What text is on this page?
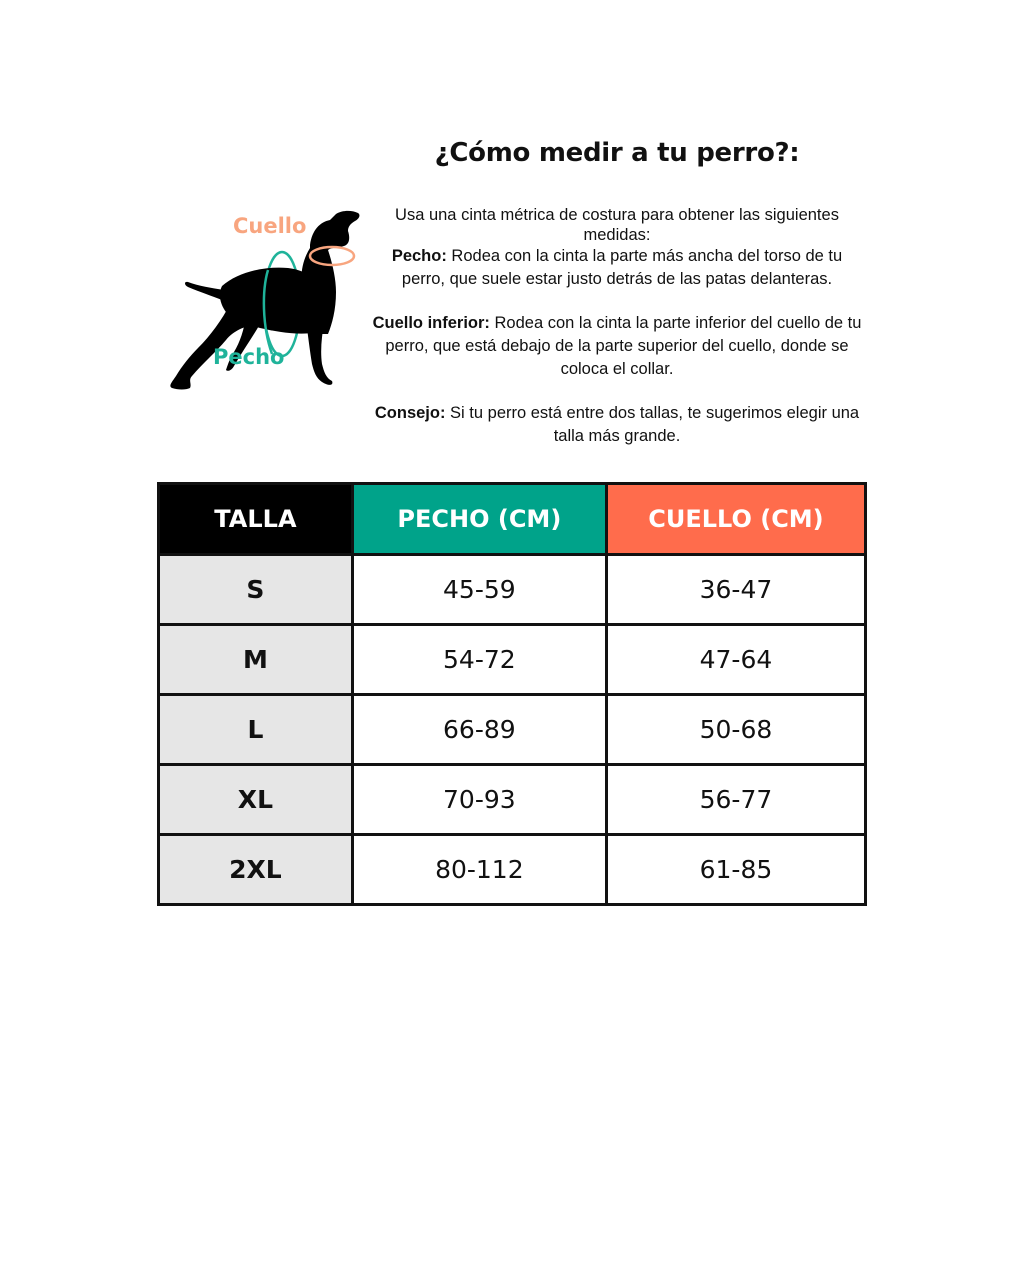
¿Cómo medir a tu perro?:
Cuello
Pecho

Usa una cinta métrica de costura para obtener las siguientes medidas:

Pecho: Rodea con la cinta la parte más ancha del torso de tu perro, que suele estar justo detrás de las patas delanteras.

Cuello inferior: Rodea con la cinta la parte inferior del cuello de tu perro, que está debajo de la parte superior del cuello, donde se coloca el collar.

Consejo: Si tu perro está entre dos tallas, te sugerimos elegir una talla más grande.

TALLA	PECHO (CM)	CUELLO (CM)
S	45-59	36-47
M	54-72	47-64
L	66-89	50-68
XL	70-93	56-77
2XL	80-112	61-85
